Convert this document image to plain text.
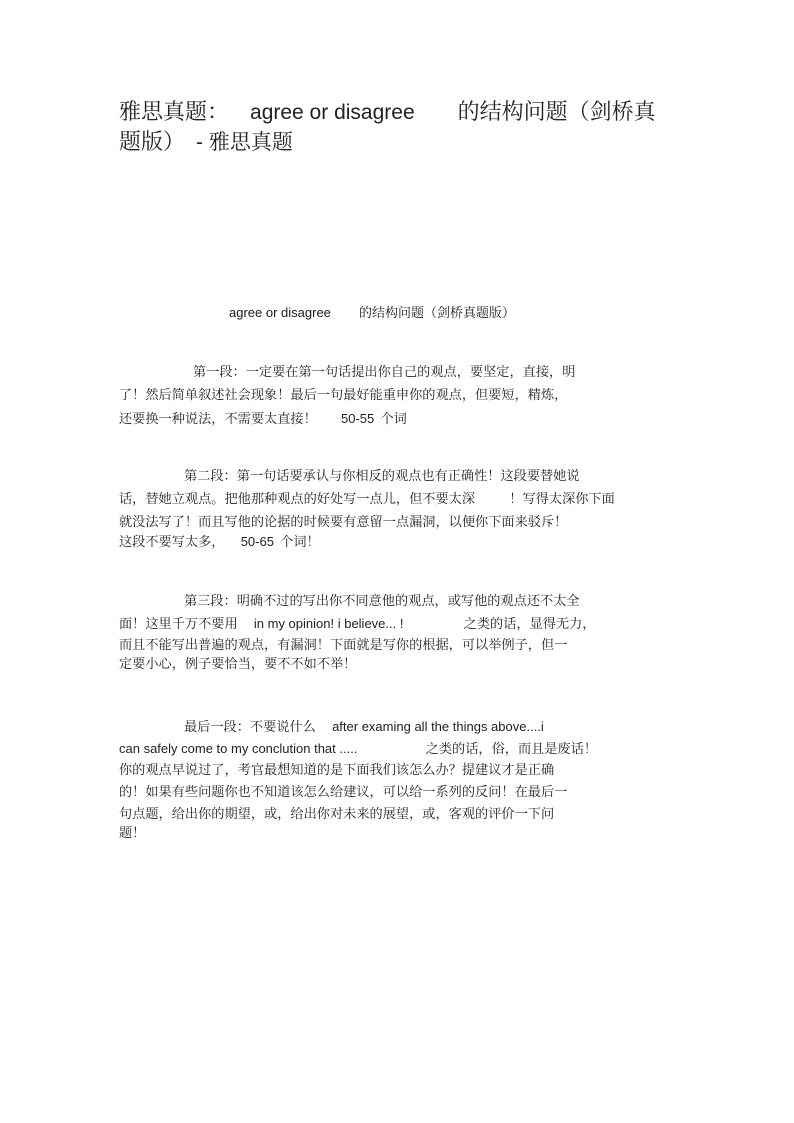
雅思真题： agree or disagree 的结构问题（剑桥真
题版） - 雅思真题
agree or disagree 的结构问题（剑桥真题版）
第一段：一定要在第一句话提出你自己的观点，要坚定，直接，明
了！然后简单叙述社会现象！最后一句最好能重申你的观点，但要短，精炼，
还要换一种说法，不需要太直接！ 50-55 个词
第二段：第一句话要承认与你相反的观点也有正确性！这段要替她说
话，替她立观点。把他那种观点的好处写一点儿，但不要太深	！写得太深你下面
就没法写了！而且写他的论据的时候要有意留一点漏洞，以便你下面来驳斥！
这段不要写太多， 50-65 个词！
第三段：明确不过的写出你不同意他的观点，或写他的观点还不太全
面！这里千万不要用 in my opinion! i believe... !	之类的话，显得无力，
而且不能写出普遍的观点，有漏洞！下面就是写你的根据，可以举例子，但一
定要小心，例子要恰当，要不不如不举！
最后一段：不要说什么 after examing all the things above....i
can safely come to my conclution that .....	之类的话，俗，而且是废话！
你的观点早说过了，考官最想知道的是下面我们该怎么办？提建议才是正确
的！如果有些问题你也不知道该怎么给建议，可以给一系列的反问！在最后一
句点题，给出你的期望，或，给出你对未来的展望，或，客观的评价一下问
题！
